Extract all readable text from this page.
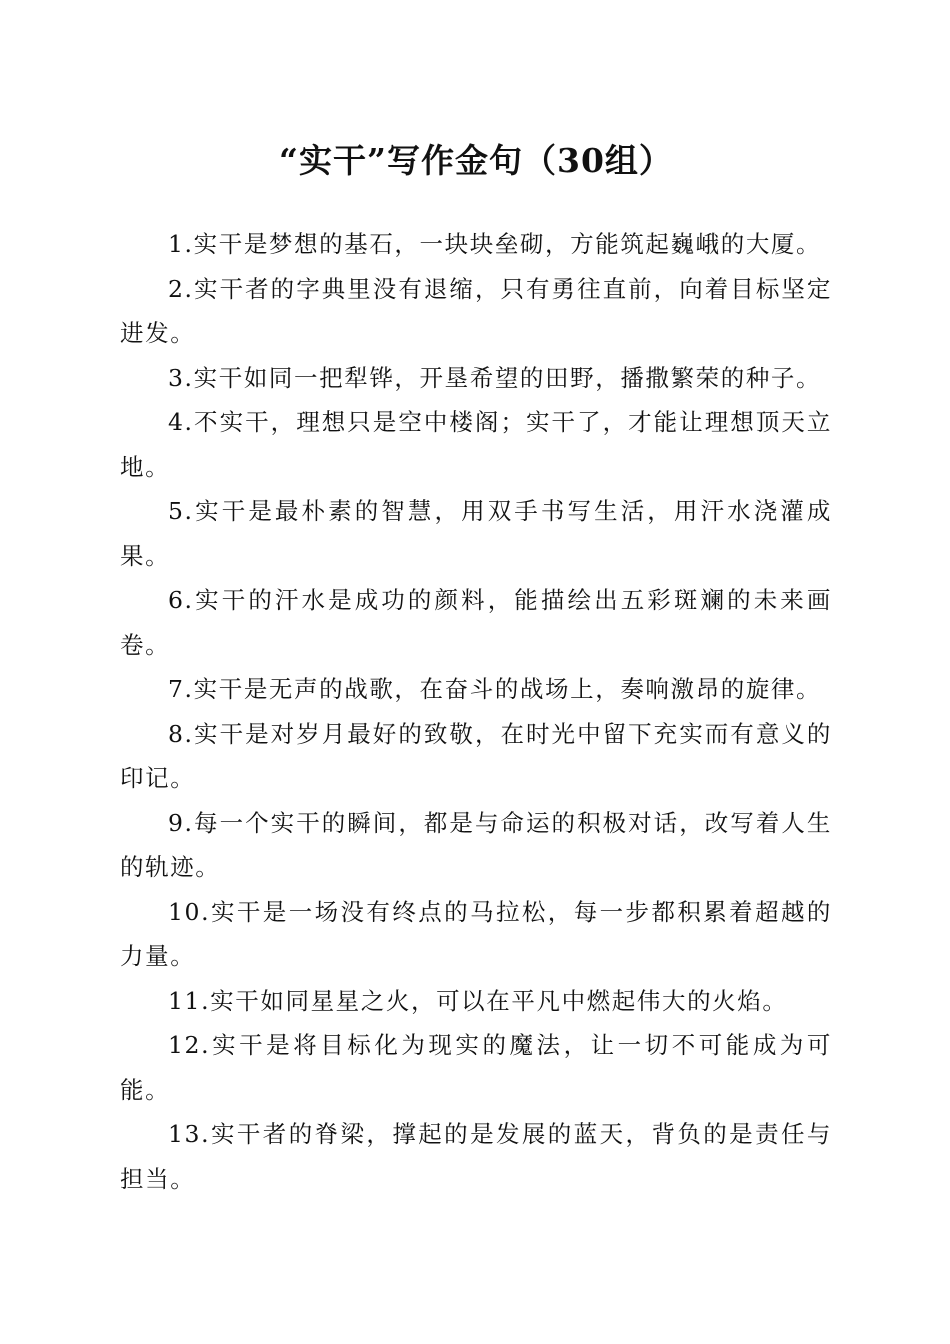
“实干”写作金句（30组）

1.实干是梦想的基石，一块块垒砌，方能筑起巍峨的大厦。

2.实干者的字典里没有退缩，只有勇往直前，向着目标坚定进发。

3.实干如同一把犁铧，开垦希望的田野，播撒繁荣的种子。

4.不实干，理想只是空中楼阁；实干了，才能让理想顶天立地。

5.实干是最朴素的智慧，用双手书写生活，用汗水浇灌成果。

6.实干的汗水是成功的颜料，能描绘出五彩斑斓的未来画卷。

7.实干是无声的战歌，在奋斗的战场上，奏响激昂的旋律。

8.实干是对岁月最好的致敬，在时光中留下充实而有意义的印记。

9.每一个实干的瞬间，都是与命运的积极对话，改写着人生的轨迹。

10.实干是一场没有终点的马拉松，每一步都积累着超越的力量。

11.实干如同星星之火，可以在平凡中燃起伟大的火焰。

12.实干是将目标化为现实的魔法，让一切不可能成为可能。

13.实干者的脊梁，撑起的是发展的蓝天，背负的是责任与担当。
